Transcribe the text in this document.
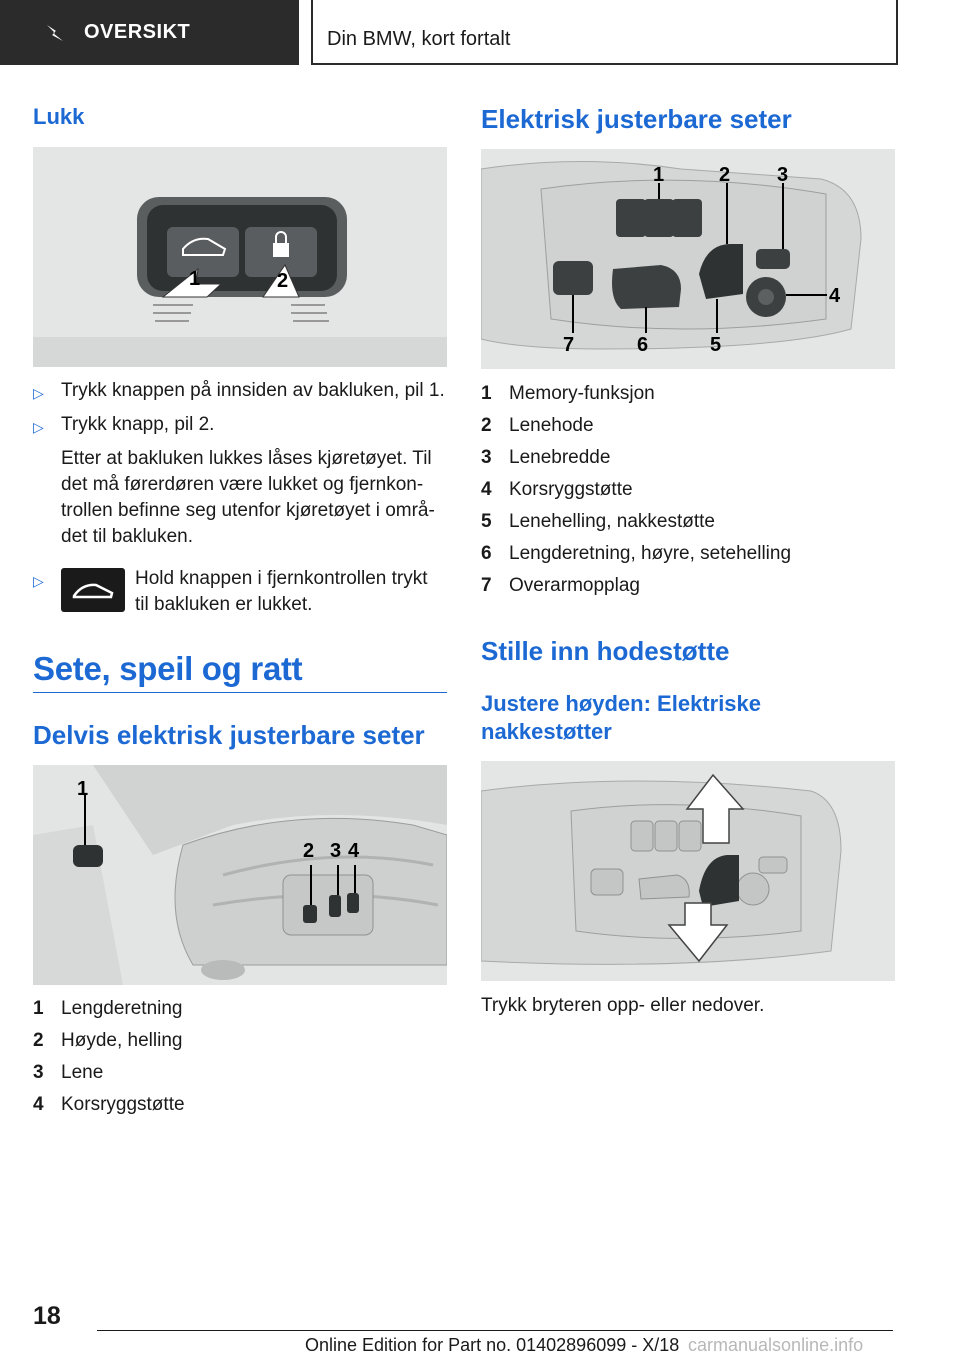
OVERSIKT	Din BMW, kort fortalt
Lukk
1	2
▷ Trykk knappen på innsiden av bakluken, pil 1.
▷ Trykk knapp, pil 2.
Etter at bakluken lukkes låses kjøretøyet. Til
det må førerdøren være lukket og fjernkon-
trollen befinne seg utenfor kjøretøyet i områ-
det til bakluken.
▷	Hold knappen i fjernkontrollen trykt
til bakluken er lukket.
Sete, speil og ratt
Delvis elektrisk justerbare seter
1
2 3 4
1 Lengderetning
2 Høyde, helling
3 Lene
4 Korsryggstøtte
Elektrisk justerbare seter
1	2 3
4
5
6
7
1 Memory-funksjon
2 Lenehode
3 Lenebredde
4 Korsryggstøtte
5 Lenehelling, nakkestøtte
6 Lengderetning, høyre, setehelling
7 Overarmopplag
Stille inn hodestøtte
Justere høyden: Elektriske
nakkestøtter
Trykk bryteren opp- eller nedover.
18
Online Edition for Part no. 01402896099 - X/18 carmanualsonline.info
